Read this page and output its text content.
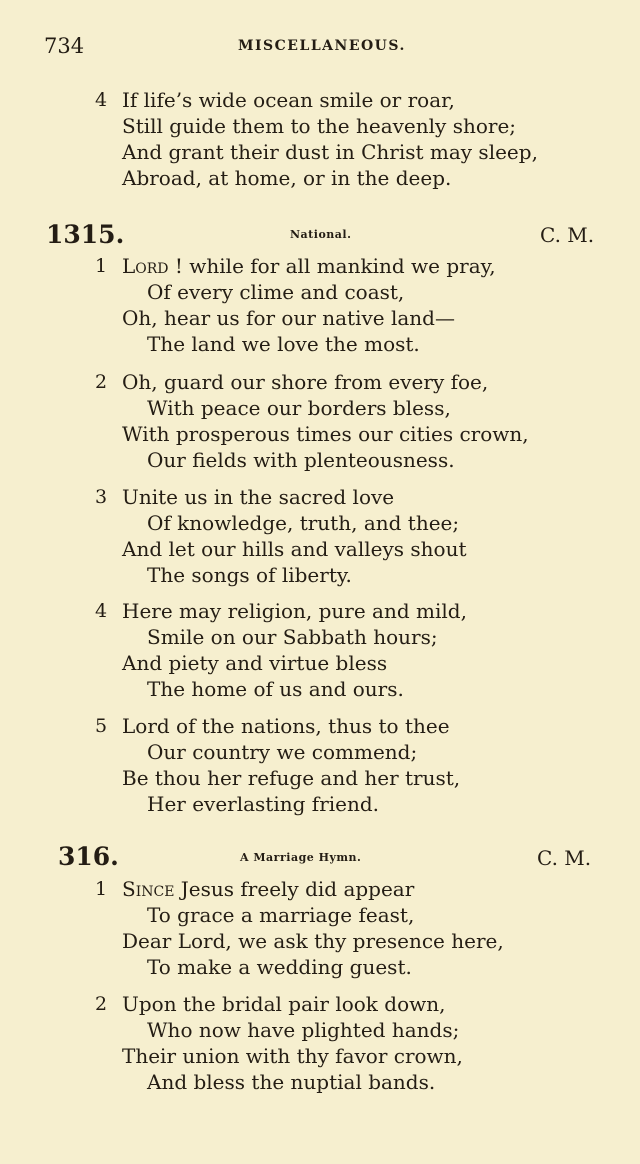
734	MISCELLANEOUS.
4 If life’s wide ocean smile or roar,
Still guide them to the heavenly shore;
And grant their dust in Christ may sleep,
Abroad, at home, or in the deep.
1315.	National.	C. M.
1 Lord ! while for all mankind we pray,
Of every clime and coast,
Oh, hear us for our native land—
The land we love the most.
2 Oh, guard our shore from every foe,
With peace our borders bless,
With prosperous times our cities crown,
Our fields with plenteousness.
3 Unite us in the sacred love
Of knowledge, truth, and thee;
And let our hills and valleys shout
The songs of liberty.
4 Here may religion, pure and mild,
Smile on our Sabbath hours;
And piety and virtue bless
The home of us and ours.
5 Lord of the nations, thus to thee
Our country we commend;
Be thou her refuge and her trust,
Her everlasting friend.
316.	A Marriage Hymn.	C. M.
1 Since Jesus freely did appear
To grace a marriage feast,
Dear Lord, we ask thy presence here,
To make a wedding guest.
2 Upon the bridal pair look down,
Who now have plighted hands;
Their union with thy favor crown,
And bless the nuptial bands.
